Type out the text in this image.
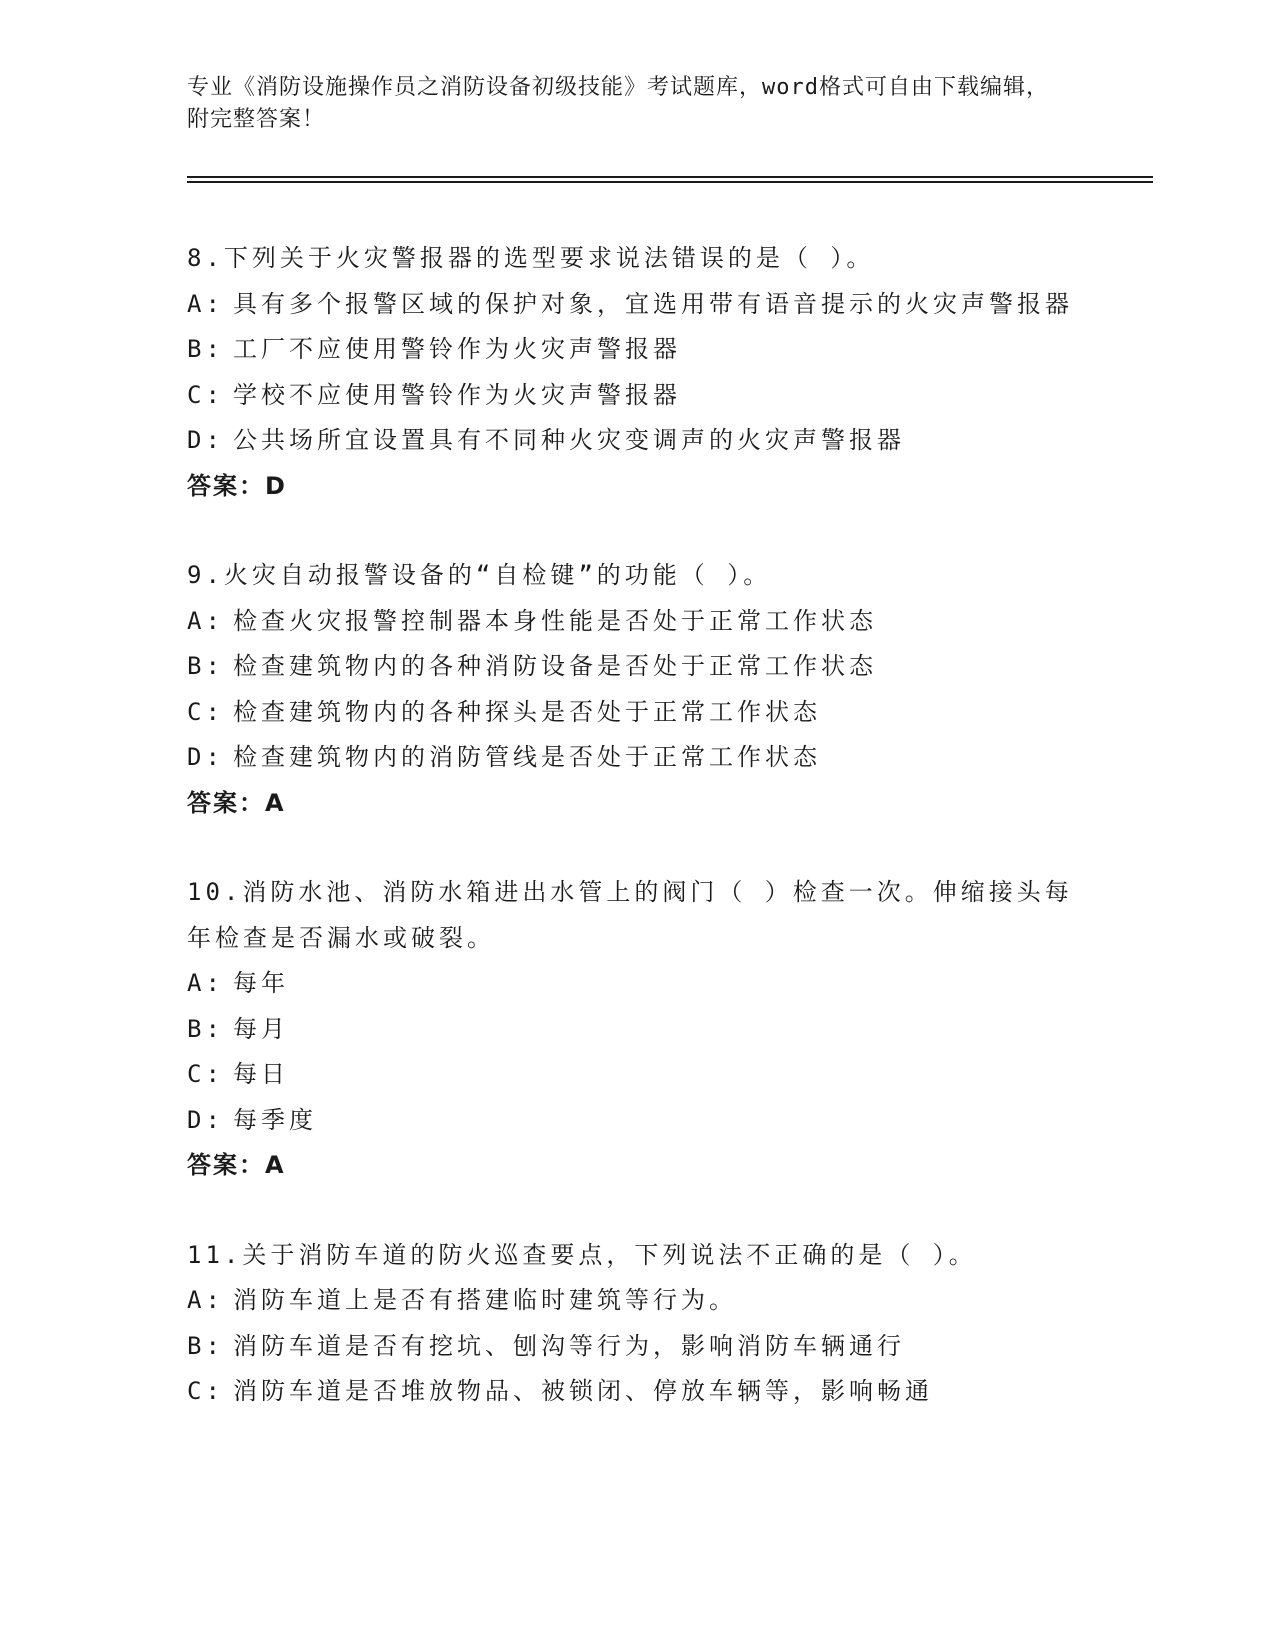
专业《消防设施操作员之消防设备初级技能》考试题库，word格式可自由下载编辑，附完整答案！
8.下列关于火灾警报器的选型要求说法错误的是（ ）。
A: 具有多个报警区域的保护对象，宜选用带有语音提示的火灾声警报器
B: 工厂不应使用警铃作为火灾声警报器
C: 学校不应使用警铃作为火灾声警报器
D: 公共场所宜设置具有不同种火灾变调声的火灾声警报器
答案：D
9.火灾自动报警设备的“自检键”的功能（ ）。
A: 检查火灾报警控制器本身性能是否处于正常工作状态
B: 检查建筑物内的各种消防设备是否处于正常工作状态
C: 检查建筑物内的各种探头是否处于正常工作状态
D: 检查建筑物内的消防管线是否处于正常工作状态
答案：A
10.消防水池、消防水箱进出水管上的阀门（ ）检查一次。伸缩接头每年检查是否漏水或破裂。
A: 每年
B: 每月
C: 每日
D: 每季度
答案：A
11.关于消防车道的防火巡查要点，下列说法不正确的是（ ）。
A: 消防车道上是否有搭建临时建筑等行为。
B: 消防车道是否有挖坑、刨沟等行为，影响消防车辆通行
C: 消防车道是否堆放物品、被锁闭、停放车辆等，影响畅通
